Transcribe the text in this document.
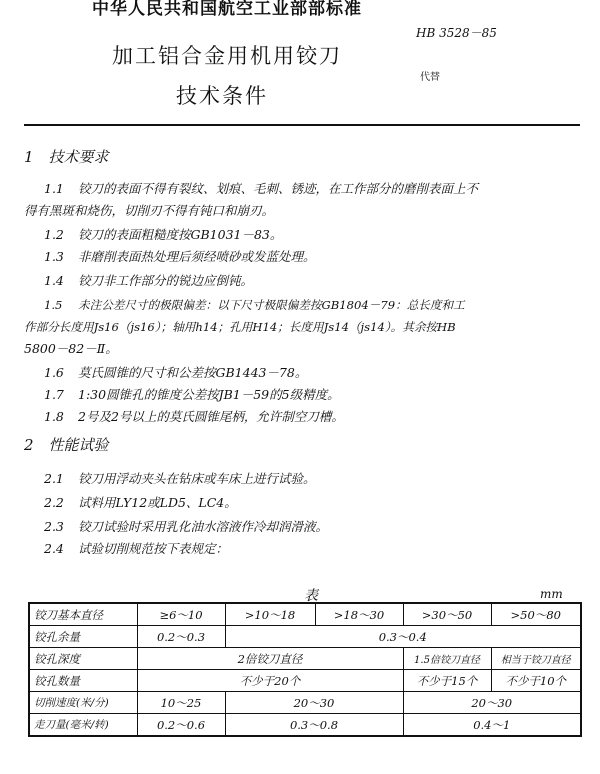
中华人民共和国航空工业部部标准
HB 3528－85
加工铝合金用机用铰刀
技术条件
代替
1　技术要求
1.1 铰刀的表面不得有裂纹、划痕、毛刺、锈迹，在工作部分的磨削表面上不
得有黑斑和烧伤，切削刃不得有钝口和崩刃。
1.2 铰刀的表面粗糙度按GB1031－83。
1.3 非磨削表面热处理后须经喷砂或发蓝处理。
1.4 铰刀非工作部分的锐边应倒钝。
1.5 未注公差尺寸的极限偏差：以下尺寸极限偏差按GB1804－79：总长度和工
作部分长度用Js16（js16）；轴用h14；孔用H14；长度用Js14（js14）。其余按HB
5800－82－Ⅱ。
1.6 莫氏圆锥的尺寸和公差按GB1443－78。
1.7 1:30圆锥孔的锥度公差按JB1－59的5级精度。
1.8 2号及2号以上的莫氏圆锥尾柄，允许制空刀槽。
2　性能试验
2.1 铰刀用浮动夹头在钻床或车床上进行试验。
2.2 试料用LY12或LD5、LC4。
2.3 铰刀试验时采用乳化油水溶液作冷却润滑液。
2.4 试验切削规范按下表规定：
表	mm
铰刀基本直径	≥6～10	>10～18	>18～30	>30～50	>50～80
铰孔余量	0.2～0.3	0.3～0.4			
铰孔深度	2倍铰刀直径			1.5倍铰刀直径	相当于铰刀直径
铰孔数量	不少于20个			不少于15个	不少于10个
切削速度(米/分)	10～25	20～30		20～30	
走刀量(毫米/转)	0.2～0.6	0.3～0.8		0.4～1	
